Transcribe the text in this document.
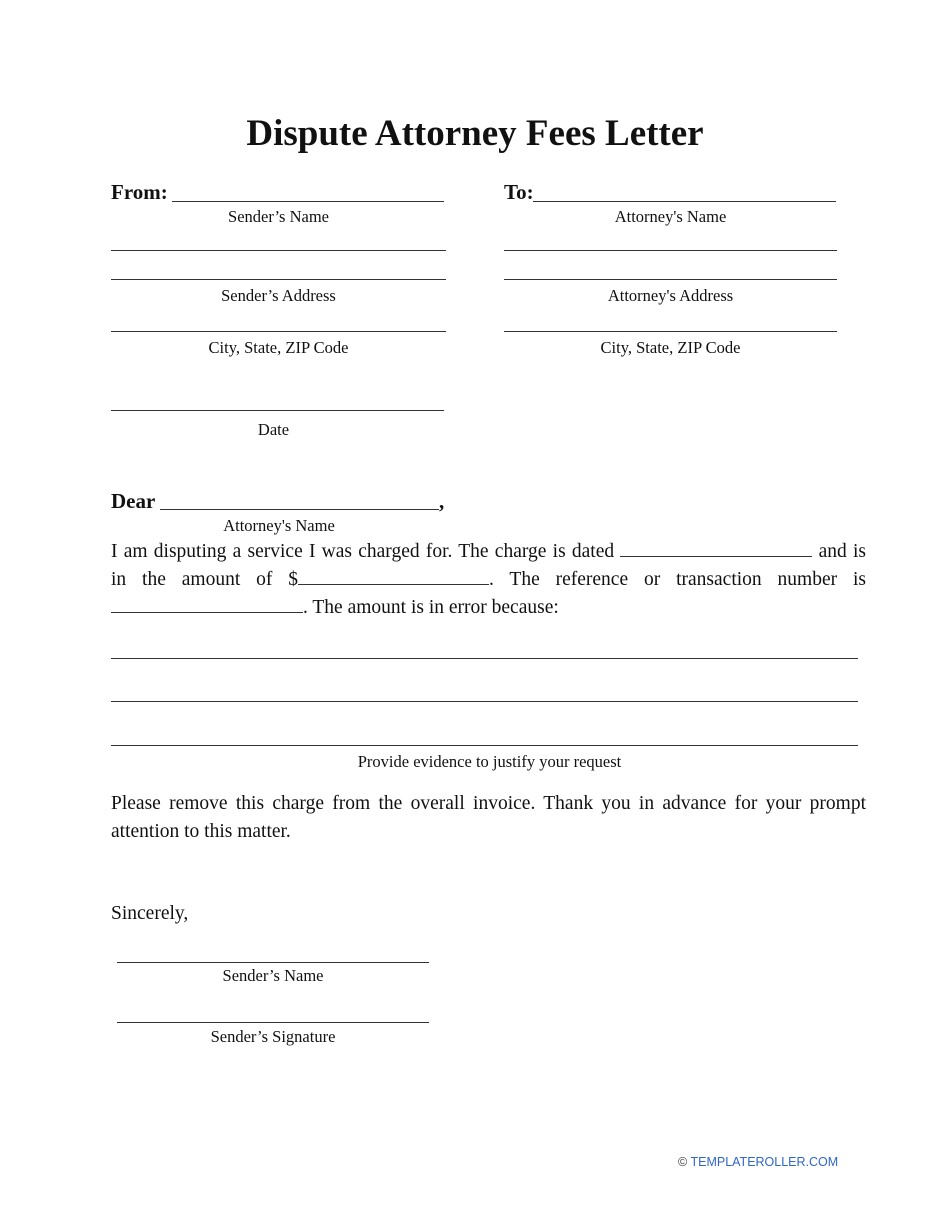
Dispute Attorney Fees Letter
From:
Sender’s Name
Sender’s Address
City, State, ZIP Code
Date
To:
Attorney's Name
Attorney's Address
City, State, ZIP Code
Dear	,
Attorney's Name
I am disputing a service I was charged for. The charge is dated	and is
in the amount of $	. The reference or transaction number is
. The amount is in error because:
Provide evidence to justify your request
Please remove this charge from the overall invoice. Thank you in advance for your prompt
attention to this matter.
Sincerely,
Sender’s Name
Sender’s Signature
© TEMPLATEROLLER.COM
